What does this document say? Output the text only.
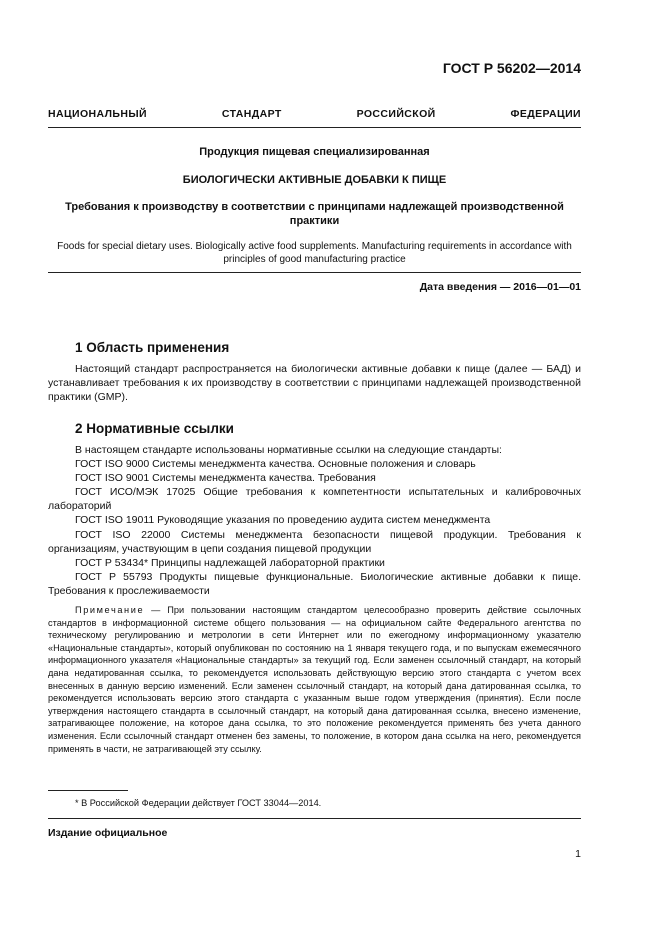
ГОСТ Р 56202—2014
НАЦИОНАЛЬНЫЙ СТАНДАРТ РОССИЙСКОЙ ФЕДЕРАЦИИ
Продукция пищевая специализированная
БИОЛОГИЧЕСКИ АКТИВНЫЕ ДОБАВКИ К ПИЩЕ
Требования к производству в соответствии с принципами надлежащей производственной
практики
Foods for special dietary uses. Biologically active food supplements. Manufacturing requirements in accordance with
principles of good manufacturing practice
Дата введения — 2016—01—01
1 Область применения
Настоящий стандарт распространяется на биологически активные добавки к пище (далее — БАД) и устанавливает требования к их производству в соответствии с принципами надлежащей производственной практики (GMP).
2 Нормативные ссылки
В настоящем стандарте использованы нормативные ссылки на следующие стандарты:
ГОСТ ISO 9000 Системы менеджмента качества. Основные положения и словарь
ГОСТ ISO 9001 Системы менеджмента качества. Требования
ГОСТ ИСО/МЭК 17025 Общие требования к компетентности испытательных и калибровочных лабораторий
ГОСТ ISO 19011 Руководящие указания по проведению аудита систем менеджмента
ГОСТ ISO 22000 Системы менеджмента безопасности пищевой продукции. Требования к организациям, участвующим в цепи создания пищевой продукции
ГОСТ Р 53434* Принципы надлежащей лабораторной практики
ГОСТ Р 55793 Продукты пищевые функциональные. Биологические активные добавки к пище. Требования к прослеживаемости
Примечание — При пользовании настоящим стандартом целесообразно проверить действие ссылочных стандартов в информационной системе общего пользования — на официальном сайте Федерального агентства по техническому регулированию и метрологии в сети Интернет или по ежегодному информационному указателю «Национальные стандарты», который опубликован по состоянию на 1 января текущего года, и по выпускам ежемесячного информационного указателя «Национальные стандарты» за текущий год. Если заменен ссылочный стандарт, на который дана недатированная ссылка, то рекомендуется использовать действующую версию этого стандарта с учетом всех внесенных в данную версию изменений. Если заменен ссылочный стандарт, на который дана датированная ссылка, то рекомендуется использовать версию этого стандарта с указанным выше годом утверждения (принятия). Если после утверждения настоящего стандарта в ссылочный стандарт, на который дана датированная ссылка, внесено изменение, затрагивающее положение, на которое дана ссылка, то это положение рекомендуется применять без учета данного изменения. Если ссылочный стандарт отменен без замены, то положение, в котором дана ссылка на него, рекомендуется применять в части, не затрагивающей эту ссылку.
* В Российской Федерации действует ГОСТ 33044—2014.
Издание официальное
1
